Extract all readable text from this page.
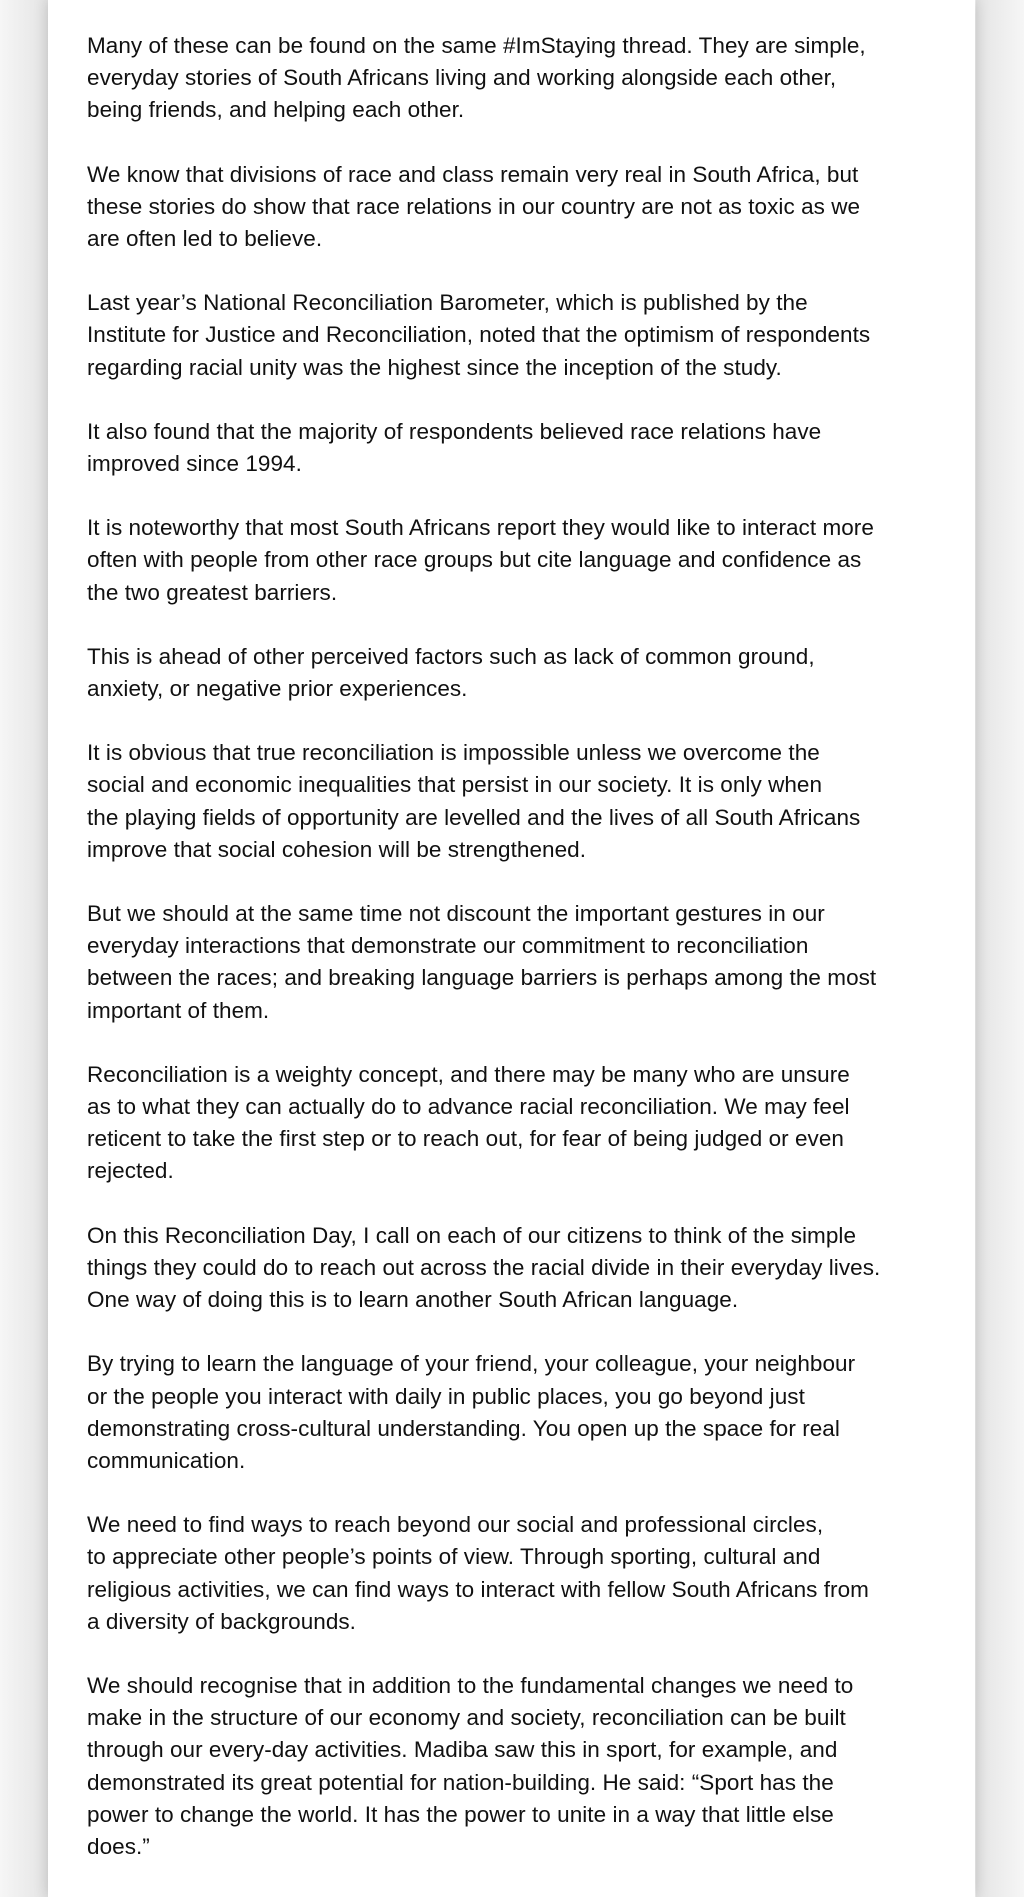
Many of these can be found on the same #ImStaying thread. They are simple,
everyday stories of South Africans living and working alongside each other,
being friends, and helping each other.

We know that divisions of race and class remain very real in South Africa, but
these stories do show that race relations in our country are not as toxic as we
are often led to believe.

Last year’s National Reconciliation Barometer, which is published by the
Institute for Justice and Reconciliation, noted that the optimism of respondents
regarding racial unity was the highest since the inception of the study.

It also found that the majority of respondents believed race relations have
improved since 1994.

It is noteworthy that most South Africans report they would like to interact more
often with people from other race groups but cite language and confidence as
the two greatest barriers.

This is ahead of other perceived factors such as lack of common ground,
anxiety, or negative prior experiences.

It is obvious that true reconciliation is impossible unless we overcome the
social and economic inequalities that persist in our society. It is only when
the playing fields of opportunity are levelled and the lives of all South Africans
improve that social cohesion will be strengthened.

But we should at the same time not discount the important gestures in our
everyday interactions that demonstrate our commitment to reconciliation
between the races; and breaking language barriers is perhaps among the most
important of them.

Reconciliation is a weighty concept, and there may be many who are unsure
as to what they can actually do to advance racial reconciliation. We may feel
reticent to take the first step or to reach out, for fear of being judged or even
rejected.

On this Reconciliation Day, I call on each of our citizens to think of the simple
things they could do to reach out across the racial divide in their everyday lives.
One way of doing this is to learn another South African language.

By trying to learn the language of your friend, your colleague, your neighbour
or the people you interact with daily in public places, you go beyond just
demonstrating cross-cultural understanding. You open up the space for real
communication.

We need to find ways to reach beyond our social and professional circles,
to appreciate other people’s points of view. Through sporting, cultural and
religious activities, we can find ways to interact with fellow South Africans from
a diversity of backgrounds.

We should recognise that in addition to the fundamental changes we need to
make in the structure of our economy and society, reconciliation can be built
through our every-day activities. Madiba saw this in sport, for example, and
demonstrated its great potential for nation-building. He said: “Sport has the
power to change the world. It has the power to unite in a way that little else
does.”
